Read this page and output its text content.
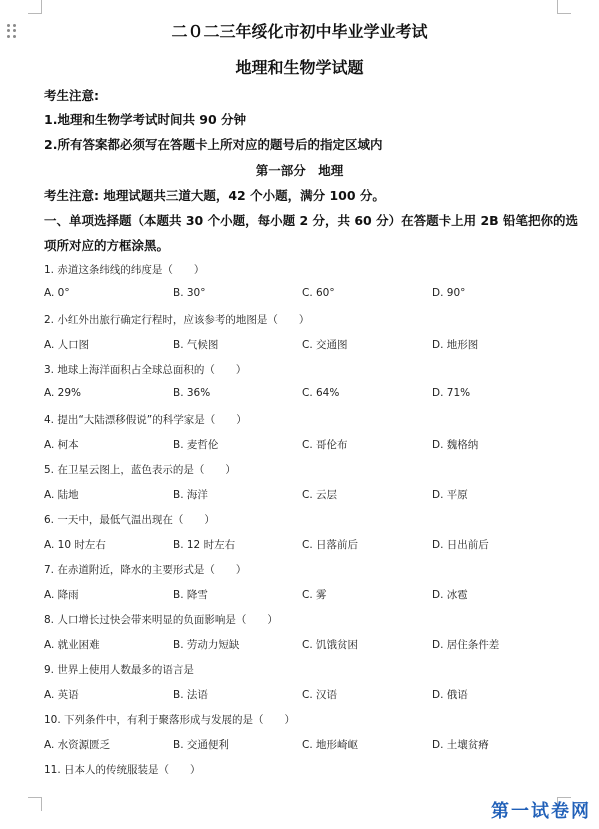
二０二三年绥化市初中毕业学业考试
地理和生物学试题
考生注意:
1.地理和生物学考试时间共 90 分钟
2.所有答案都必须写在答题卡上所对应的题号后的指定区域内
第一部分　地理
考生注意: 地理试题共三道大题，42 个小题，满分 100 分。
一、单项选择题（本题共 30 个小题，每小题 2 分，共 60 分）在答题卡上用 2B 铅笔把你的选
项所对应的方框涂黑。
1. 赤道这条纬线的纬度是（　　）
A. 0°	B. 30°	C. 60°	D. 90°
2. 小红外出旅行确定行程时，应该参考的地图是（　　）
A. 人口图	B. 气候图	C. 交通图	D. 地形图
3. 地球上海洋面积占全球总面积的（　　）
A. 29%	B. 36%	C. 64%	D. 71%
4. 提出“大陆漂移假说”的科学家是（　　）
A. 柯本	B. 麦哲伦	C. 哥伦布	D. 魏格纳
5. 在卫星云图上，蓝色表示的是（　　）
A. 陆地	B. 海洋	C. 云层	D. 平原
6. 一天中，最低气温出现在（　　）
A. 10 时左右	B. 12 时左右	C. 日落前后	D. 日出前后
7. 在赤道附近，降水的主要形式是（　　）
A. 降雨	B. 降雪	C. 雾	D. 冰雹
8. 人口增长过快会带来明显的负面影响是（　　）
A. 就业困难	B. 劳动力短缺	C. 饥饿贫困	D. 居住条件差
9. 世界上使用人数最多的语言是
A. 英语	B. 法语	C. 汉语	D. 俄语
10. 下列条件中，有利于聚落形成与发展的是（　　）
A. 水资源匮乏	B. 交通便利	C. 地形崎岖	D. 土壤贫瘠
11. 日本人的传统服装是（　　）
第一试卷网
